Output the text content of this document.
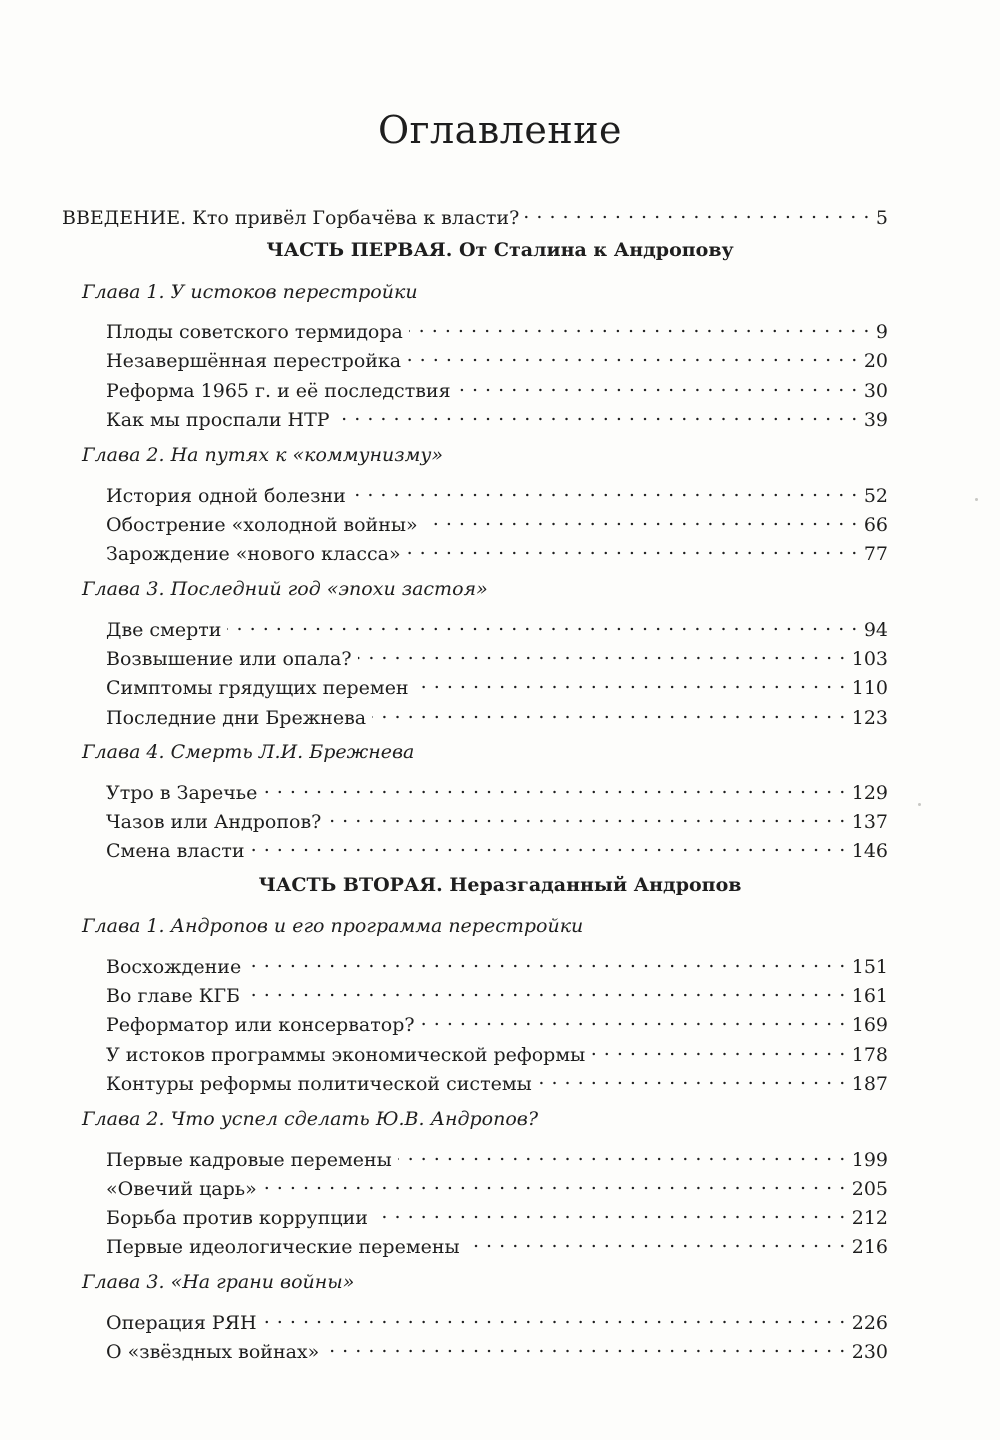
Оглавление
ВВЕДЕНИЕ. Кто привёл Горбачёва к власти? . . .	5
ЧАСТЬ ПЕРВАЯ. От Сталина к Андропову
Глава 1. У истоков перестройки
Плоды советского термидора . . .	9
Незавершённая перестройка . . .	20
Реформа 1965 г. и её последствия . . .	30
Как мы проспали НТР . . .	39
Глава 2. На путях к «коммунизму»
История одной болезни . . .	52
Обострение «холодной войны» . . .	66
Зарождение «нового класса» . . .	77
Глава 3. Последний год «эпохи застоя»
Две смерти . . .	94
Возвышение или опала? . . .	103
Симптомы грядущих перемен . . .	110
Последние дни Брежнева . . .	123
Глава 4. Смерть Л.И. Брежнева
Утро в Заречье . . .	129
Чазов или Андропов? . . .	137
Смена власти . . .	146
ЧАСТЬ ВТОРАЯ. Неразгаданный Андропов
Глава 1. Андропов и его программа перестройки
Восхождение . . .	151
Во главе КГБ . . .	161
Реформатор или консерватор? . . .	169
У истоков программы экономической реформы . . .	178
Контуры реформы политической системы . . .	187
Глава 2. Что успел сделать Ю.В. Андропов?
Первые кадровые перемены . . .	199
«Овечий царь» . . .	205
Борьба против коррупции . . .	212
Первые идеологические перемены . . .	216
Глава 3. «На грани войны»
Операция РЯН . . .	226
О «звёздных войнах» . . .	230
